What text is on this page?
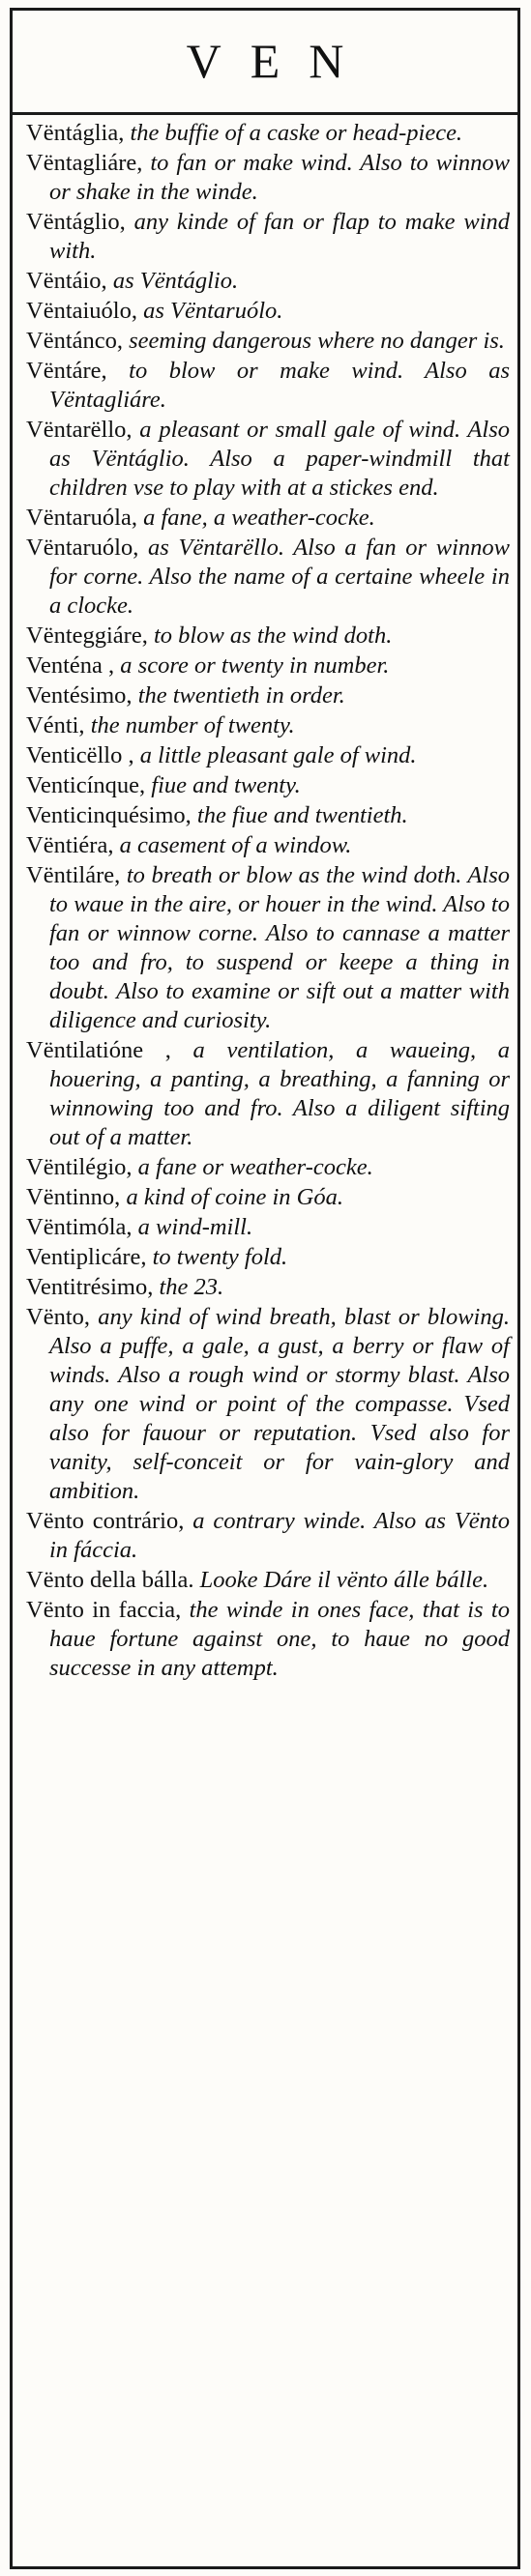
VEN

Vëntáglia, the buffie of a caske or head-piece.

Vëntagliáre, to fan or make wind. Also to winnow or shake in the winde.

Vëntáglio, any kinde of fan or flap to make wind with.

Vëntáio, as Vëntáglio.

Vëntaiuólo, as Vëntaruólo.

Vëntánco, seeming dangerous where no danger is.

Vëntáre, to blow or make wind. Also as Vëntagliáre.

Vëntarëllo, a pleasant or small gale of wind. Also as Vëntáglio. Also a paper-windmill that children vse to play with at a stickes end.

Vëntaruóla, a fane, a weather-cocke.

Vëntaruólo, as Vëntarëllo. Also a fan or winnow for corne. Also the name of a certaine wheele in a clocke.

Vënteggiáre, to blow as the wind doth.

Venténa , a score or twenty in number.

Ventésimo, the twentieth in order.

Vénti, the number of twenty.

Venticëllo , a little pleasant gale of wind.

Venticínque, fiue and twenty.

Venticinquésimo, the fiue and twentieth.

Vëntiéra, a casement of a window.

Vëntiláre, to breath or blow as the wind doth. Also to waue in the aire, or houer in the wind. Also to fan or winnow corne. Also to cannase a matter too and fro, to suspend or keepe a thing in doubt. Also to examine or sift out a matter with diligence and curiosity.

Vëntilatióne , a ventilation, a waueing, a houering, a panting, a breathing, a fanning or winnowing too and fro. Also a diligent sifting out of a matter.

Vëntilégio, a fane or weather-cocke.

Vëntinno, a kind of coine in Góa.

Vëntimóla, a wind-mill.

Ventiplicáre, to twenty fold.

Ventitrésimo, the 23.

Vënto, any kind of wind breath, blast or blowing. Also a puffe, a gale, a gust, a berry or flaw of winds. Also a rough wind or stormy blast. Also any one wind or point of the compasse. Vsed also for fauour or reputation. Vsed also for vanity, self-conceit or for vain-glory and ambition.

Vënto contrário, a contrary winde. Also as Vënto in fáccia.

Vënto della bálla. Looke Dáre il vënto álle bálle.

Vënto in faccia, the winde in ones face, that is to haue fortune against one, to haue no good successe in any attempt.
